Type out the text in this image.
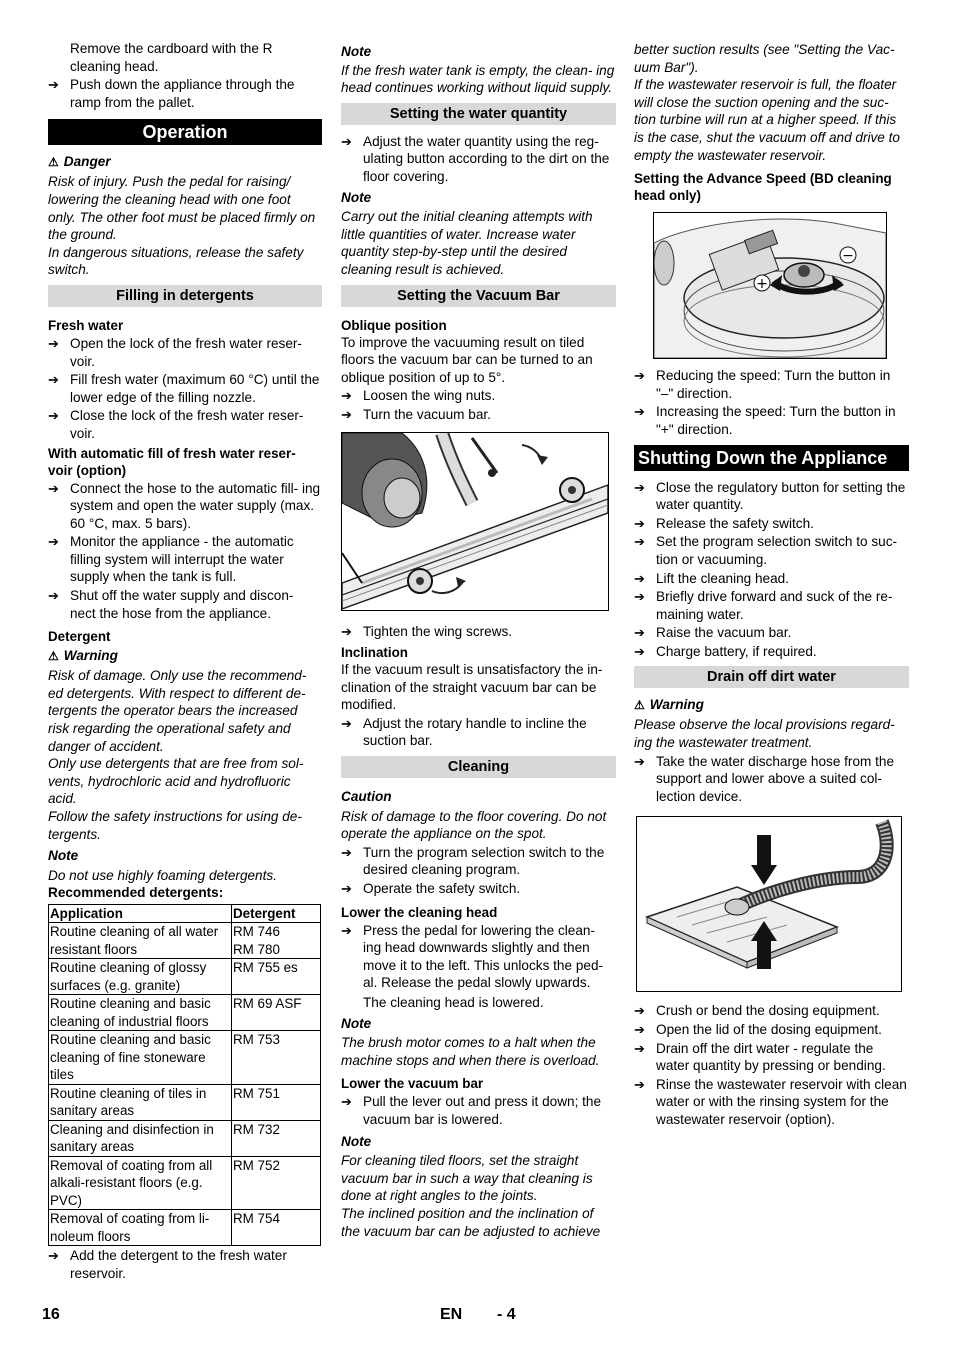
Remove the cardboard with the R cleaning head.

➔ Push down the appliance through the ramp from the pallet.
Operation
⚠ Danger

Risk of injury. Push the pedal for raising/ lowering the cleaning head with one foot only. The other foot must be placed firmly on the ground.

In dangerous situations, release the safety switch.

Filling in detergents

Fresh water

➔ Open the lock of the fresh water reser- voir.
➔ Fill fresh water (maximum 60 °C) until the lower edge of the filling nozzle.
➔ Close the lock of the fresh water reser- voir.

With automatic fill of fresh water reser- voir (option)

➔ Connect the hose to the automatic fill- ing system and open the water supply (max. 60 °C, max. 5 bars).
➔ Monitor the appliance - the automatic filling system will interrupt the water supply when the tank is full.
➔ Shut off the water supply and discon- nect the hose from the appliance.

Detergent

⚠ Warning

Risk of damage. Only use the recommend- ed detergents. With respect to different de- tergents the operator bears the increased risk regarding the operational safety and danger of accident.

Only use detergents that are free from sol- vents, hydrochloric acid and hydrofluoric acid.

Follow the safety instructions for using de- tergents.

Note

Do not use highly foaming detergents.

Recommended detergents:

Application	Detergent
Routine cleaning of all water resistant floors	RM 746
RM 780
Routine cleaning of glossy surfaces (e.g. granite)	RM 755 es
Routine cleaning and basic cleaning of industrial floors	RM 69 ASF
Routine cleaning and basic cleaning of fine stoneware tiles	RM 753
Routine cleaning of tiles in sanitary areas	RM 751
Cleaning and disinfection in sanitary areas	RM 732
Removal of coating from all alkali-resistant floors (e.g. PVC)	RM 752
Removal of coating from li- noleum floors	RM 754
➔ Add the detergent to the fresh water reservoir.

Note

If the fresh water tank is empty, the clean- ing head continues working without liquid supply.

Setting the water quantity
➔ Adjust the water quantity using the reg- ulating button according to the dirt on the floor covering.

Note

Carry out the initial cleaning attempts with little quantities of water. Increase water quantity step-by-step until the desired cleaning result is achieved.

Setting the Vacuum Bar

Oblique position

To improve the vacuuming result on tiled floors the vacuum bar can be turned to an oblique position of up to 5°.

➔ Loosen the wing nuts.
➔ Turn the vacuum bar.
➔ Tighten the wing screws.

Inclination

If the vacuum result is unsatisfactory the in- clination of the straight vacuum bar can be modified.

➔ Adjust the rotary handle to incline the suction bar.
Cleaning

Caution

Risk of damage to the floor covering. Do not operate the appliance on the spot.

➔ Turn the program selection switch to the desired cleaning program.
➔ Operate the safety switch.

Lower the cleaning head

➔ Press the pedal for lowering the clean- ing head downwards slightly and then move it to the left. This unlocks the ped- al. Release the pedal slowly upwards.

The cleaning head is lowered.

Note

The brush motor comes to a halt when the machine stops and when there is overload.

Lower the vacuum bar

➔ Pull the lever out and press it down; the vacuum bar is lowered.

Note

For cleaning tiled floors, set the straight vacuum bar in such a way that cleaning is done at right angles to the joints.

The inclined position and the inclination of the vacuum bar can be adjusted to achieve

better suction results (see "Setting the Vac- uum Bar").

If the wastewater reservoir is full, the floater will close the suction opening and the suc- tion turbine will run at a higher speed. If this is the case, shut the vacuum off and drive to empty the wastewater reservoir.

Setting the Advance Speed (BD cleaning head only)

+
−
➔ Reducing the speed: Turn the button in "–" direction.
➔ Increasing the speed: Turn the button in "+" direction.
Shutting Down the Appliance
➔ Close the regulatory button for setting the water quantity.
➔ Release the safety switch.
➔ Set the program selection switch to suc- tion or vacuuming.
➔ Lift the cleaning head.
➔ Briefly drive forward and suck of the re- maining water.
➔ Raise the vacuum bar.
➔ Charge battery, if required.
Drain off dirt water
⚠ Warning

Please observe the local provisions regard- ing the wastewater treatment.

➔ Take the water discharge hose from the support and lower above a suited col- lection device.
➔ Crush or bend the dosing equipment.
➔ Open the lid of the dosing equipment.
➔ Drain off the dirt water - regulate the water quantity by pressing or bending.
➔ Rinse the wastewater reservoir with clean water or with the rinsing system for the wastewater reservoir (option).
16	EN - 4
